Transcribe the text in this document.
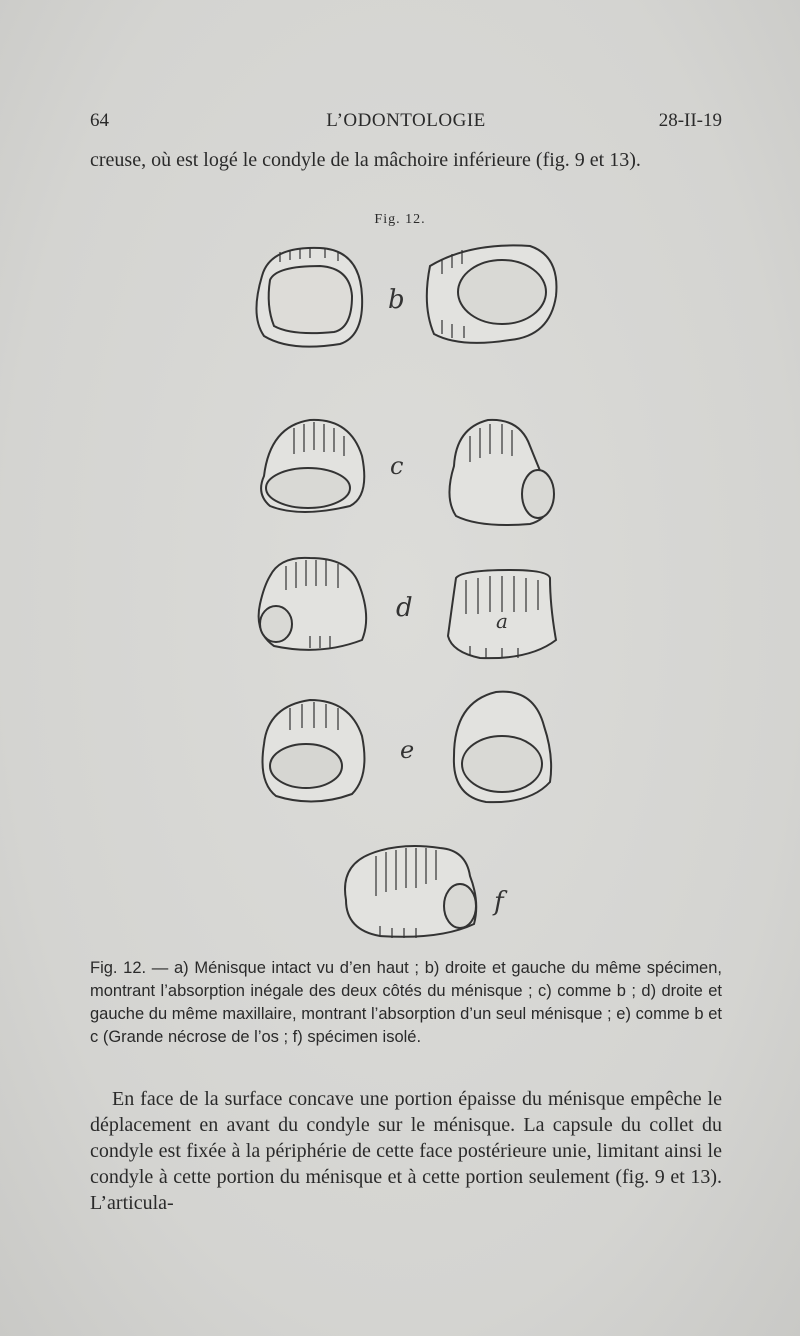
64	L’ODONTOLOGIE	28-II-19
creuse, où est logé le condyle de la mâchoire inférieure (fig. 9 et 13).
Fig. 12.
b
c
d	a
e
f
Fig. 12. — a) Ménisque intact vu d’en haut ; b) droite et gauche du même spécimen, montrant l’absorption inégale des deux côtés du ménisque ; c) comme b ; d) droite et gauche du même maxillaire, montrant l’absorption d’un seul ménisque ; e) comme b et c (Grande nécrose de l’os ; f) spécimen isolé.
En face de la surface concave une portion épaisse du ménisque empêche le déplacement en avant du condyle sur le ménisque. La capsule du collet du condyle est fixée à la périphérie de cette face postérieure unie, limitant ainsi le condyle à cette portion du ménisque et à cette portion seulement (fig. 9 et 13). L’articula-
